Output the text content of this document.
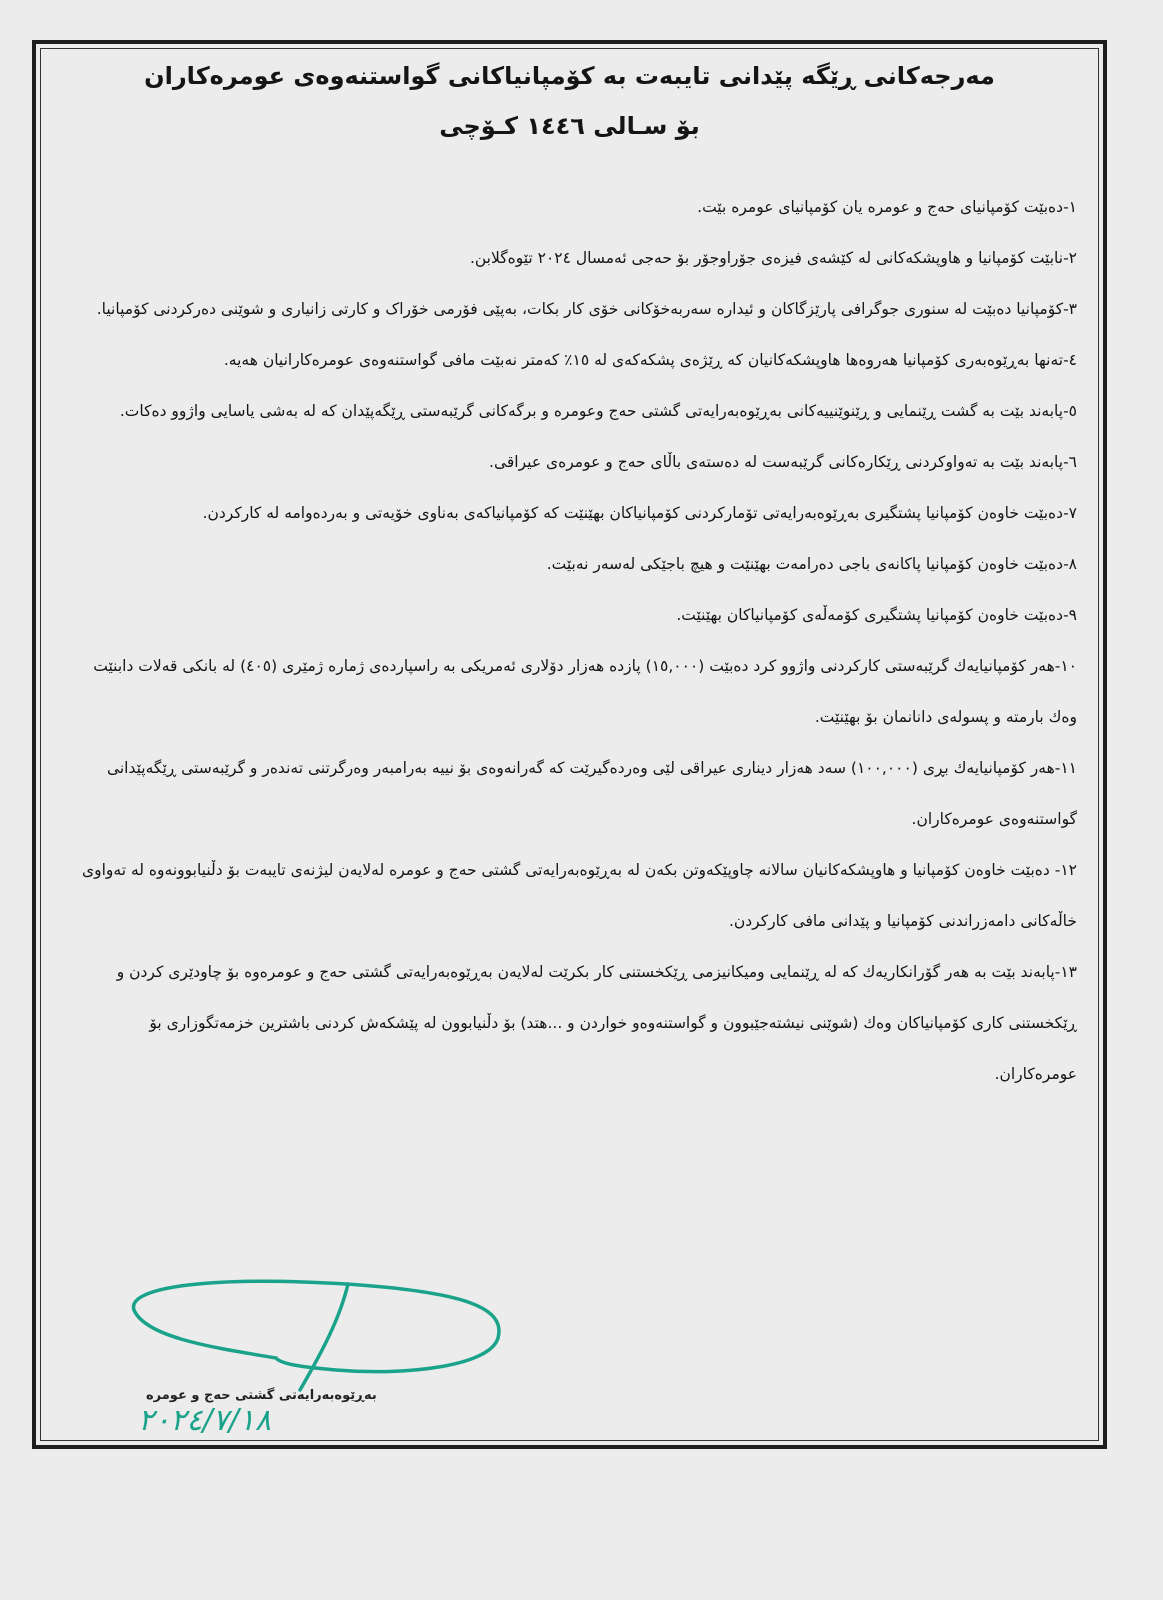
مەرجەکانی ڕێگە پێدانی تایبەت بە کۆمپانیاکانی گواستنەوەی عومرەکاران
بۆ سـالی ١٤٤٦ کـۆچی
١-دەبێت کۆمپانیای حەج و عومرە یان کۆمپانیای عومرە بێت.
٢-نابێت کۆمپانیا و هاوپشکەکانی لە کێشەی فیزەی جۆراوجۆر بۆ حەجی ئەمسال ٢٠٢٤ تێوەگلابن.
٣-کۆمپانیا دەبێت لە سنوری جوگرافی پارێزگاکان و ئیدارە سەربەخۆکانی خۆی کار بکات، بەپێی فۆرمی خۆراک و کارتی زانیاری و شوێنی دەرکردنی کۆمپانیا.
٤-تەنها بەڕێوەبەری کۆمپانیا هەروەها هاوپشکەکانیان کە ڕێژەی پشکەکەی لە ١٥٪ کەمتر نەبێت مافی گواستنەوەی عومرەکارانیان هەیە.
٥-پابەند بێت بە گشت ڕێنمایی و ڕێنوێنییەکانی بەڕێوەبەرایەتی گشتی حەج وعومرە و برگەکانی گرێبەستی ڕێگەپێدان کە لە بەشی یاسایی واژوو دەکات.
٦-پابەند بێت بە تەواوکردنی ڕێکارەکانی گرێبەست لە دەستەی باڵای حەج و عومرەی عیراقی.
٧-دەبێت خاوەن کۆمپانیا پشتگیری بەڕێوەبەرایەتی تۆمارکردنی کۆمپانیاکان بهێنێت کە کۆمپانیاکەی بەناوی خۆیەتی و بەردەوامە لە کارکردن.
٨-دەبێت خاوەن کۆمپانیا پاکانەی باجی دەرامەت بهێنێت و هیچ باجێکی لەسەر نەبێت.
٩-دەبێت خاوەن کۆمپانیا پشتگیری کۆمەڵەی کۆمپانیاکان بهێنێت.
١٠-هەر کۆمپانیایەك گرێبەستی کارکردنی واژوو کرد دەبێت (١٥,٠٠٠) پازدە هەزار دۆلاری ئەمریکی بە راسپاردەی ژمارە ژمێری (٤٠٥) لە بانکی قەلات دابنێت وەك بارمتە و پسولەی دانانمان بۆ بهێنێت.
١١-هەر کۆمپانیایەك بڕی (١٠٠,٠٠٠) سەد هەزار دیناری عیراقی لێی وەردەگیرێت کە گەرانەوەی بۆ نییە بەرامبەر وەرگرتنی تەندەر و گرێبەستی ڕێگەپێدانی گواستنەوەی عومرەکاران.
١٢- دەبێت خاوەن کۆمپانیا و هاوپشکەکانیان سالانە چاوپێکەوتن بکەن لە بەڕێوەبەرایەتی گشتی حەج و عومرە لەلایەن لیژنەی تایبەت بۆ دڵنیابوونەوە لە تەواوی خاڵەکانی دامەزراندنی کۆمپانیا و پێدانی مافی کارکردن.
١٣-پابەند بێت بە هەر گۆرانکاریەك کە لە ڕێنمایی ومیکانیزمی ڕێکخستنی کار بکرێت لەلایەن بەڕێوەبەرایەتی گشتی حەج و عومرەوە بۆ چاودێری کردن و ڕێکخستنی کاری کۆمپانیاکان وەك (شوێنی نیشتەجێبوون و گواستنەوەو خواردن و ...هتد) بۆ دڵنیابوون لە پێشکەش کردنی باشترین خزمەتگوزاری بۆ عومرەکاران.
بەڕێوەبەرایەتی گشتی حەج و عومرە
٢٠٢٤/٧/١٨
